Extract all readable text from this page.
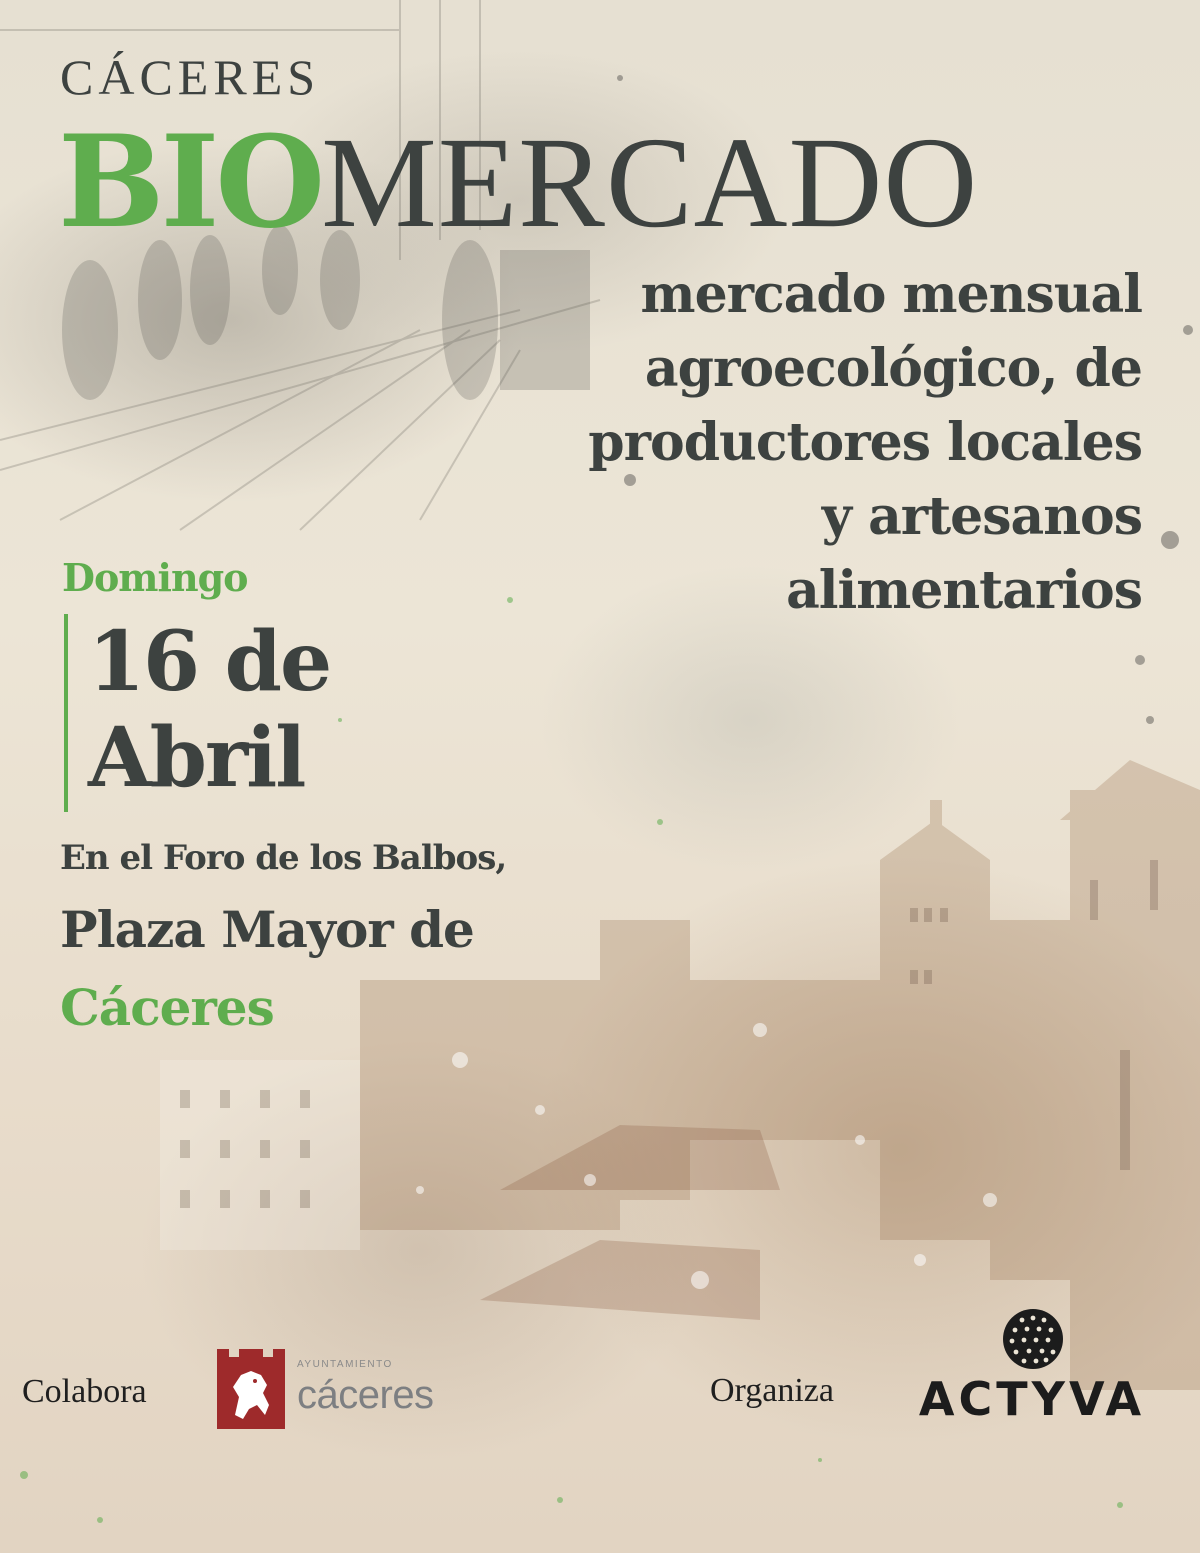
CÁCERES
BIOMERCADO

mercado mensual
agroecológico, de
productores locales
y artesanos
alimentarios

Domingo

16 de
Abril

En el Foro de los Balbos,

Plaza Mayor de

Cáceres

Colabora
AYUNTAMIENTO
cáceres	Organiza ACTYVA
